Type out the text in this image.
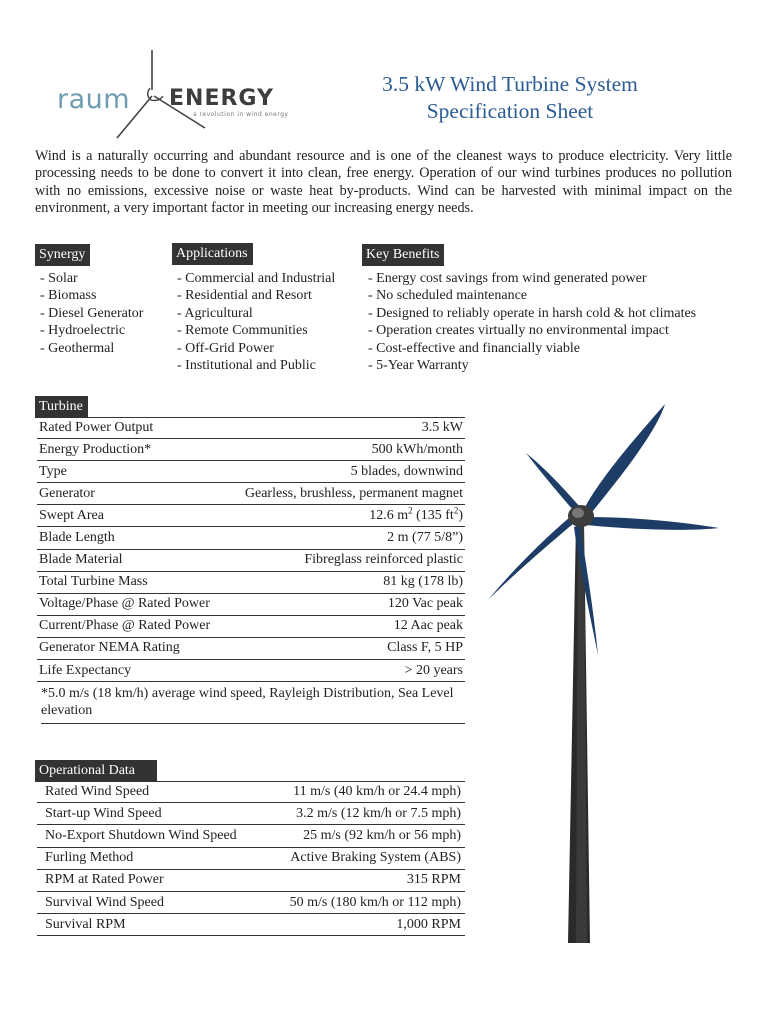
raum ENERGY
a revolution in wind energy
3.5 kW Wind Turbine System
Specification Sheet

Wind is a naturally occurring and abundant resource and is one of the cleanest ways to produce electricity. Very little processing needs to be done to convert it into clean, free energy. Operation of our wind turbines produces no pollution with no emissions, excessive noise or waste heat by-products. Wind can be harvested with minimal impact on the environment, a very important factor in meeting our increasing energy needs.

Synergy
- Solar
- Biomass
- Diesel Generator
- Hydroelectric
- Geothermal
Applications
- Commercial and Industrial
- Residential and Resort
- Agricultural
- Remote Communities
- Off-Grid Power
- Institutional and Public
Key Benefits
- Energy cost savings from wind generated power
- No scheduled maintenance
- Designed to reliably operate in harsh cold & hot climates
- Operation creates virtually no environmental impact
- Cost-effective and financially viable
- 5-Year Warranty
Turbine
Rated Power Output	3.5 kW
Energy Production*	500 kWh/month
Type	5 blades, downwind
Generator	Gearless, brushless, permanent magnet
Swept Area	12.6 $m^2$ (135 $ft^2$)
Blade Length	2 m (77 5/8”)
Blade Material	Fibreglass reinforced plastic
Total Turbine Mass	81 kg (178 lb)
Voltage/Phase @ Rated Power	120 Vac peak
Current/Phase @ Rated Power	12 Aac peak
Generator NEMA Rating	Class F, 5 HP
Life Expectancy	> 20 years
*5.0 m/s (18 km/h) average wind speed, Rayleigh Distribution, Sea Level elevation
Operational Data
Rated Wind Speed	11 m/s (40 km/h or 24.4 mph)
Start-up Wind Speed	3.2 m/s (12 km/h or 7.5 mph)
No-Export Shutdown Wind Speed	25 m/s (92 km/h or 56 mph)
Furling Method	Active Braking System (ABS)
RPM at Rated Power	315 RPM
Survival Wind Speed	50 m/s (180 km/h or 112 mph)
Survival RPM	1,000 RPM
